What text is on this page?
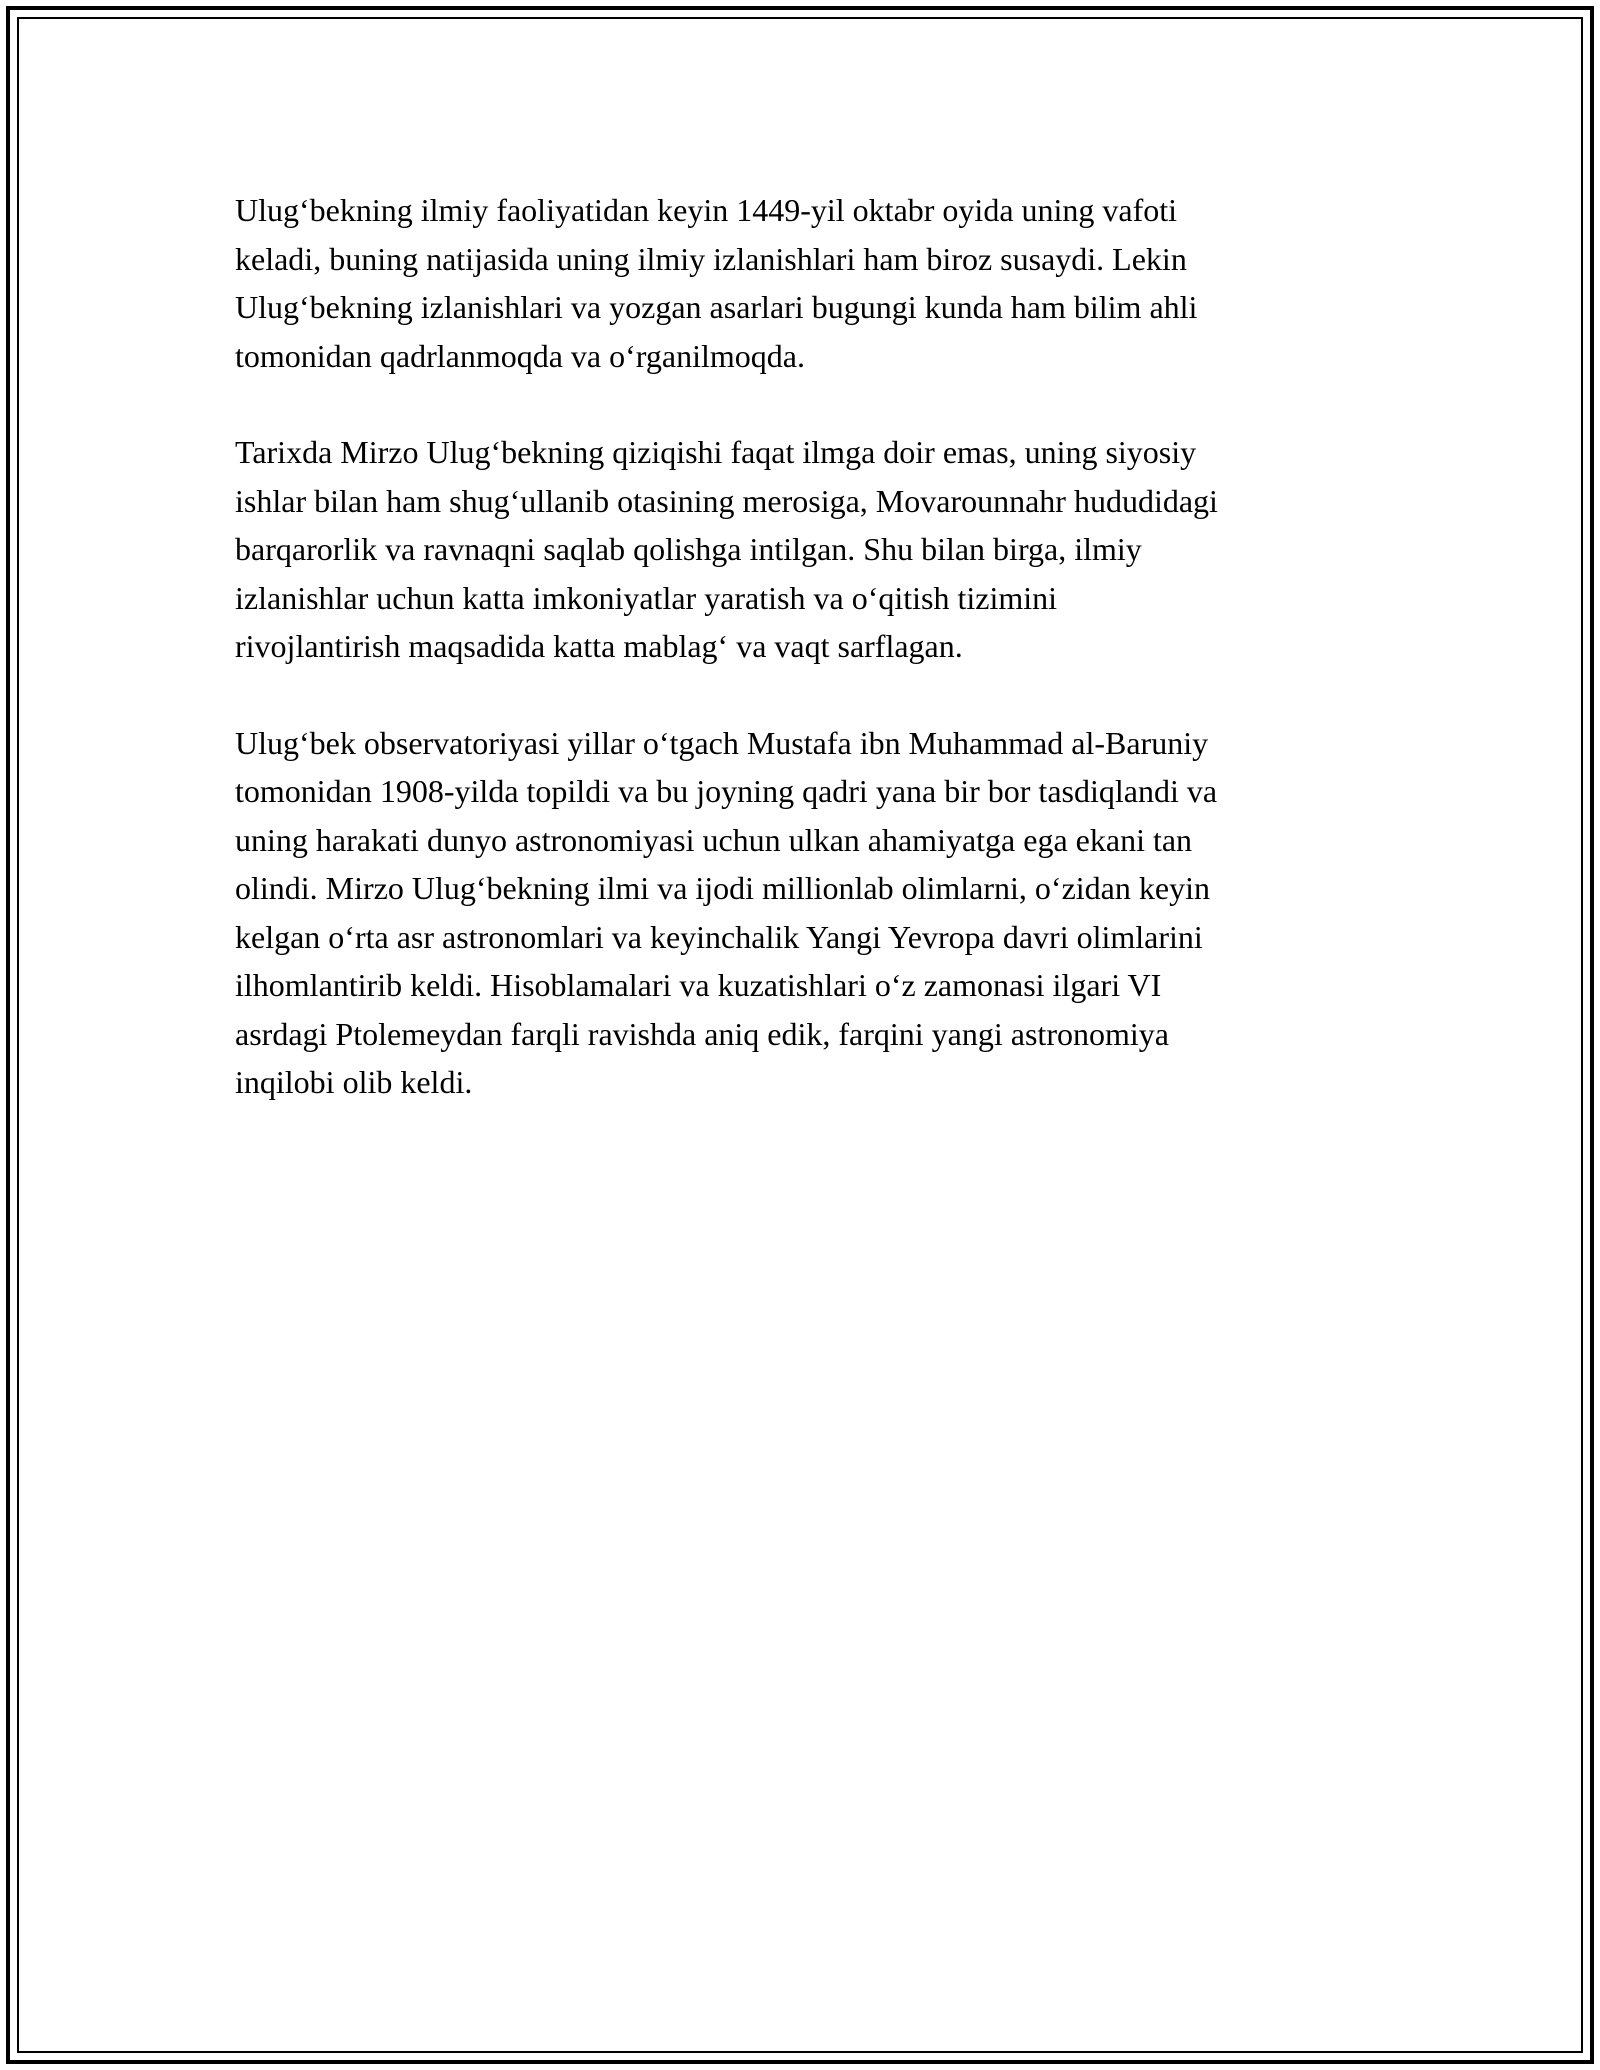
Ulug‘bekning ilmiy faoliyatidan keyin 1449-yil oktabr oyida uning vafoti
keladi, buning natijasida uning ilmiy izlanishlari ham biroz susaydi. Lekin
Ulug‘bekning izlanishlari va yozgan asarlari bugungi kunda ham bilim ahli
tomonidan qadrlanmoqda va o‘rganilmoqda.

Tarixda Mirzo Ulug‘bekning qiziqishi faqat ilmga doir emas, uning siyosiy
ishlar bilan ham shug‘ullanib otasining merosiga, Movarounnahr hududidagi
barqarorlik va ravnaqni saqlab qolishga intilgan. Shu bilan birga, ilmiy
izlanishlar uchun katta imkoniyatlar yaratish va o‘qitish tizimini
rivojlantirish maqsadida katta mablag‘ va vaqt sarflagan.

Ulug‘bek observatoriyasi yillar o‘tgach Mustafa ibn Muhammad al-Baruniy
tomonidan 1908-yilda topildi va bu joyning qadri yana bir bor tasdiqlandi va
uning harakati dunyo astronomiyasi uchun ulkan ahamiyatga ega ekani tan
olindi. Mirzo Ulug‘bekning ilmi va ijodi millionlab olimlarni, o‘zidan keyin
kelgan o‘rta asr astronomlari va keyinchalik Yangi Yevropa davri olimlarini
ilhomlantirib keldi. Hisoblamalari va kuzatishlari o‘z zamonasi ilgari VI
asrdagi Ptolemeydan farqli ravishda aniq edik, farqini yangi astronomiya
inqilobi olib keldi.
